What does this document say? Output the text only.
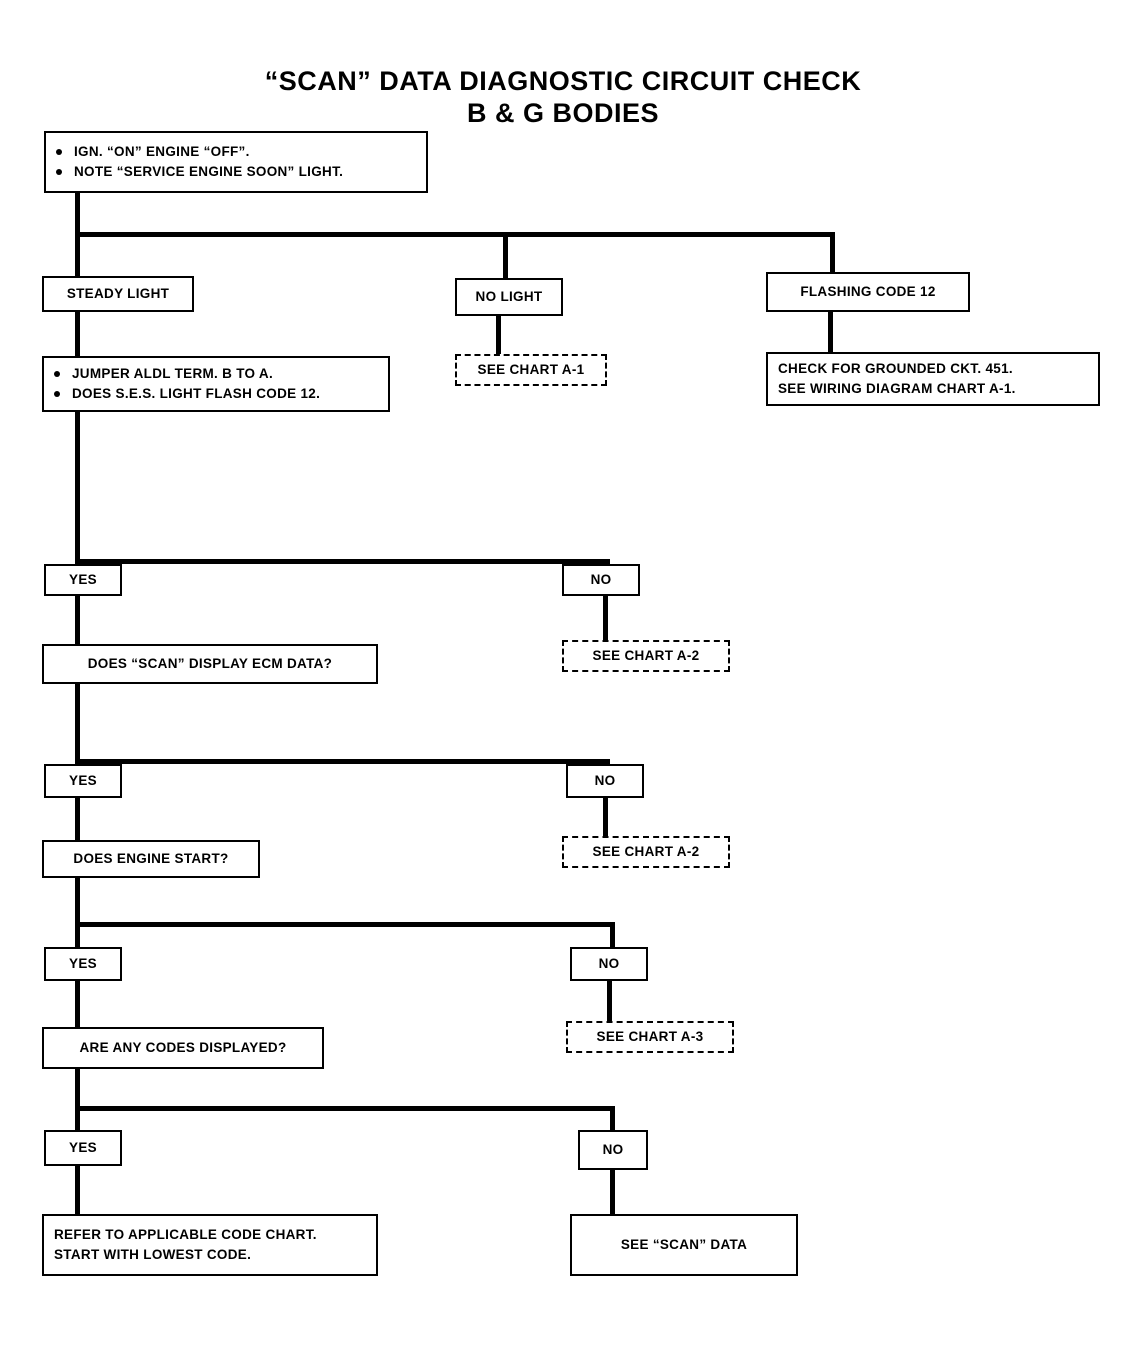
“SCAN” DATA DIAGNOSTIC CIRCUIT CHECK
B & G BODIES
IGN. “ON” ENGINE “OFF”.
NOTE “SERVICE ENGINE SOON” LIGHT.
STEADY LIGHT	NO LIGHT	FLASHING CODE 12
SEE CHART A-1	CHECK FOR GROUNDED CKT. 451.
SEE WIRING DIAGRAM CHART A-1.
JUMPER ALDL TERM. B TO A.
DOES S.E.S. LIGHT FLASH CODE 12.
YES	NO
SEE CHART A-2
DOES “SCAN” DISPLAY ECM DATA?
YES	NO
SEE CHART A-2
DOES ENGINE START?
YES	NO
SEE CHART A-3
ARE ANY CODES DISPLAYED?
YES	NO
REFER TO APPLICABLE CODE CHART.
START WITH LOWEST CODE.
SEE “SCAN” DATA
